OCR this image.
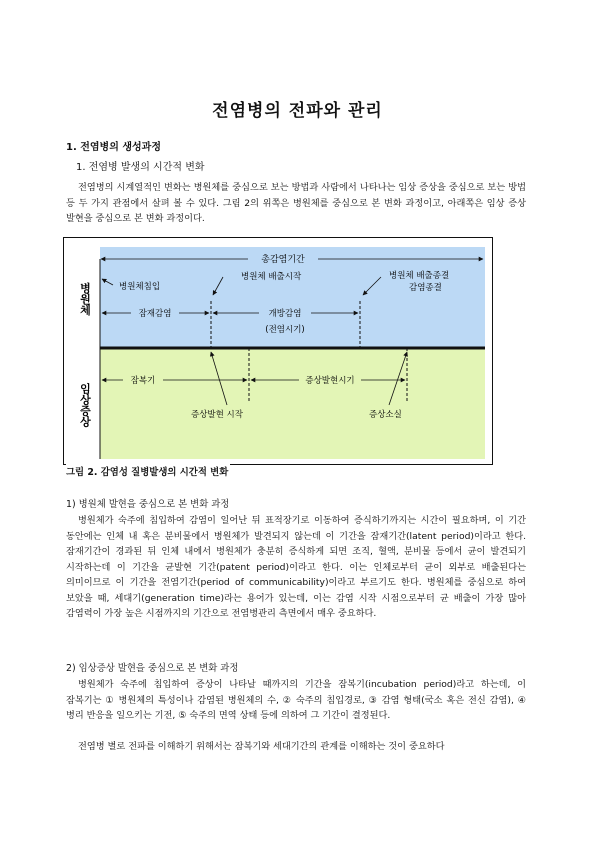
전염병의 전파와 관리
1. 전염병의 생성과정
1. 전염병 발생의 시간적 변화
전염병의 시계열적인 변화는 병원체를 중심으로 보는 방법과 사람에서 나타나는 임상 증상을 중심으로 보는 방법 등 두 가지 관점에서 살펴 볼 수 있다. 그림 2의 위쪽은 병원체를 중심으로 본 변화 과정이고, 아래쪽은 임상 증상 발현을 중심으로 본 변화 과정이다.
병원체
임상증상
총감염기간
병원체침입
병원체 배출시작	병원체 배출종결
감염종결
잠재감염	개방감염
(전염시기)
잠복기	증상발현시기
증상발현 시작	증상소실
그림 2. 감염성 질병발생의 시간적 변화
1) 병원체 발현을 중심으로 본 변화 과정
병원체가 숙주에 침입하여 감염이 일어난 뒤 표적장기로 이동하여 증식하기까지는 시간이 필요하며, 이 기간 동안에는 인체 내 혹은 분비물에서 병원체가 발견되지 않는데 이 기간을 잠재기간(latent period)이라고 한다. 잠재기간이 경과된 뒤 인체 내에서 병원체가 충분히 증식하게 되면 조직, 혈액, 분비물 등에서 균이 발견되기 시작하는데 이 기간을 균발현 기간(patent period)이라고 한다. 이는 인체로부터 균이 외부로 배출된다는 의미이므로 이 기간을 전염기간(period of communicability)이라고 부르기도 한다. 병원체를 중심으로 하여 보았을 때, 세대기(generation time)라는 용어가 있는데, 이는 감염 시작 시점으로부터 균 배출이 가장 많아 감염력이 가장 높은 시점까지의 기간으로 전염병관리 측면에서 매우 중요하다.
2) 임상증상 발현을 중심으로 본 변화 과정
병원체가 숙주에 침입하여 증상이 나타날 때까지의 기간을 잠복기(incubation period)라고 하는데, 이 잠복기는 ① 병원체의 특성이나 감염된 병원체의 수, ② 숙주의 침입경로, ③ 감염 형태(국소 혹은 전신 감염), ④ 병리 반응을 일으키는 기전, ⑤ 숙주의 면역 상태 등에 의하여 그 기간이 결정된다.
전염병 별로 전파를 이해하기 위해서는 잠복기와 세대기간의 관계를 이해하는 것이 중요하다
